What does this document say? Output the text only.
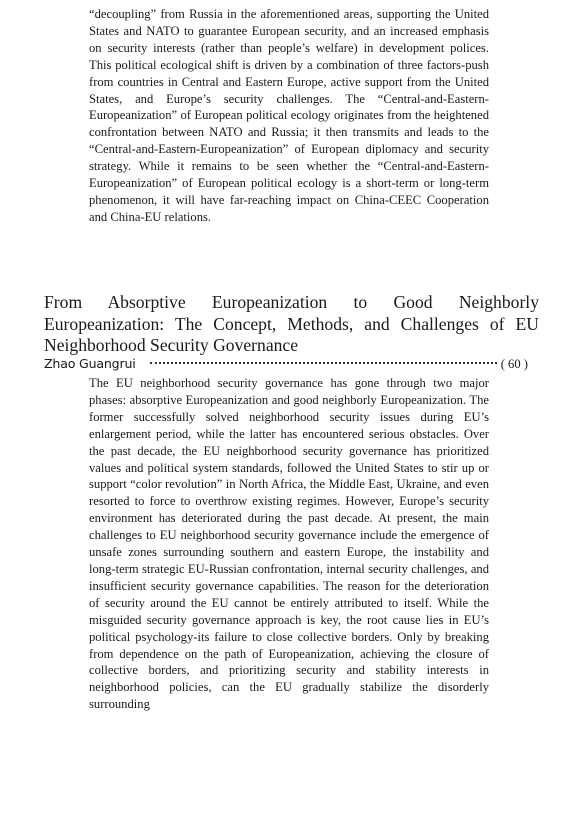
“decoupling” from Russia in the aforementioned areas, supporting the United States and NATO to guarantee European security, and an increased emphasis on security interests (rather than people’s welfare) in development polices. This political ecological shift is driven by a combination of three factors-push from countries in Central and Eastern Europe, active support from the United States, and Europe’s security challenges. The “Central-and-Eastern-Europeanization” of European political ecology originates from the heightened confrontation between NATO and Russia; it then transmits and leads to the “Central-and-Eastern-Europeanization” of European diplomacy and security strategy. While it remains to be seen whether the “Central-and-Eastern-Europeanization” of European political ecology is a short-term or long-term phenomenon, it will have far-reaching impact on China-CEEC Cooperation and China-EU relations.

From Absorptive Europeanization to Good Neighborly Europeanization: The Concept, Methods, and Challenges of EU Neighborhood Security Governance
Zhao Guangrui	( 60 )

The EU neighborhood security governance has gone through two major phases: absorptive Europeanization and good neighborly Europeanization. The former successfully solved neighborhood security issues during EU’s enlargement period, while the latter has encountered serious obstacles. Over the past decade, the EU neighborhood security governance has prioritized values and political system standards, followed the United States to stir up or support “color revolution” in North Africa, the Middle East, Ukraine, and even resorted to force to overthrow existing regimes. However, Europe’s security environment has deteriorated during the past decade. At present, the main challenges to EU neighborhood security governance include the emergence of unsafe zones surrounding southern and eastern Europe, the instability and long-term strategic EU-Russian confrontation, internal security challenges, and insufficient security governance capabilities. The reason for the deterioration of security around the EU cannot be entirely attributed to itself. While the misguided security governance approach is key, the root cause lies in EU’s political psychology-its failure to close collective borders. Only by breaking from dependence on the path of Europeanization, achieving the closure of collective borders, and prioritizing security and stability interests in neighborhood policies, can the EU gradually stabilize the disorderly surrounding
